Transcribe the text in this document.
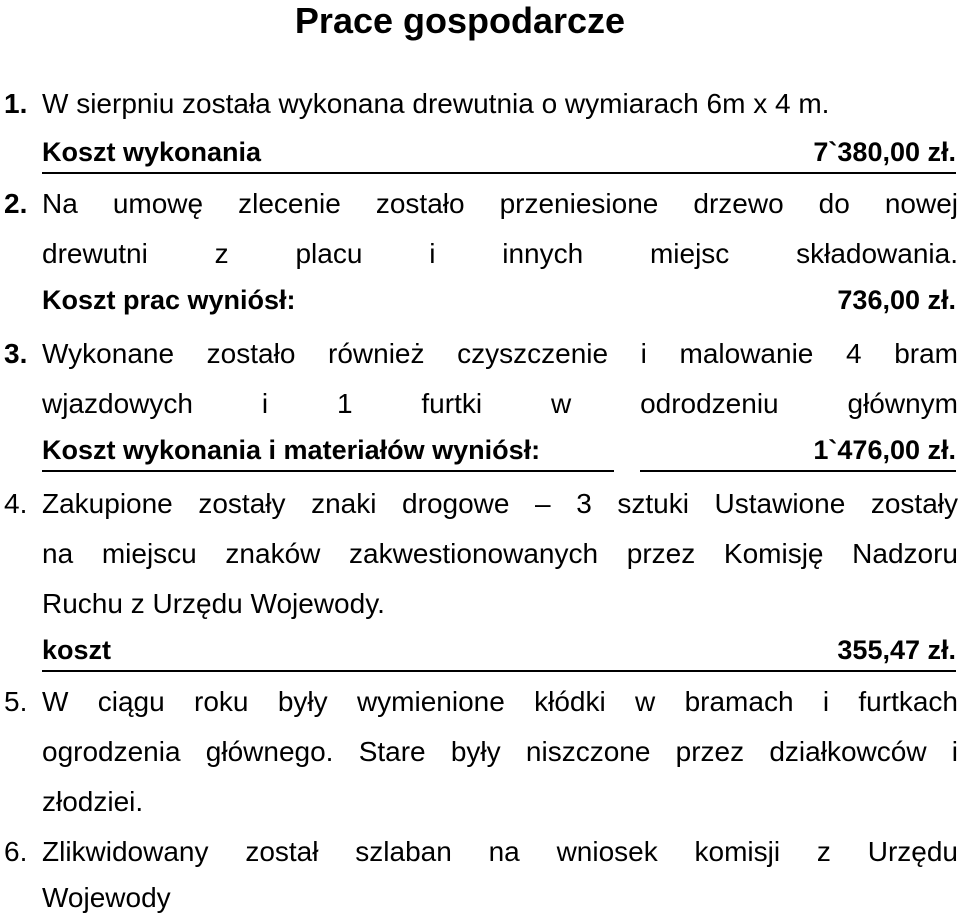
Prace gospodarcze
1. W sierpniu została wykonana drewutnia o wymiarach 6m x 4 m.
Koszt wykonania	7`380,00 zł.
2. Na umowę zlecenie zostało przeniesione drzewo do nowej
drewutni z placu i innych miejsc składowania.
Koszt prac wyniósł:	736,00 zł.
3. Wykonane zostało również czyszczenie i malowanie 4 bram
wjazdowych i 1 furtki w odrodzeniu głównym
Koszt wykonania i materiałów wyniósł:	1`476,00 zł.
4. Zakupione zostały znaki drogowe – 3 sztuki Ustawione zostały
na miejscu znaków zakwestionowanych przez Komisję Nadzoru
Ruchu z Urzędu Wojewody.
koszt	355,47 zł.
5. W ciągu roku były wymienione kłódki w bramach i furtkach
ogrodzenia głównego. Stare były niszczone przez działkowców i
złodziei.
6. Zlikwidowany został szlaban na wniosek komisji z Urzędu
Wojewody
